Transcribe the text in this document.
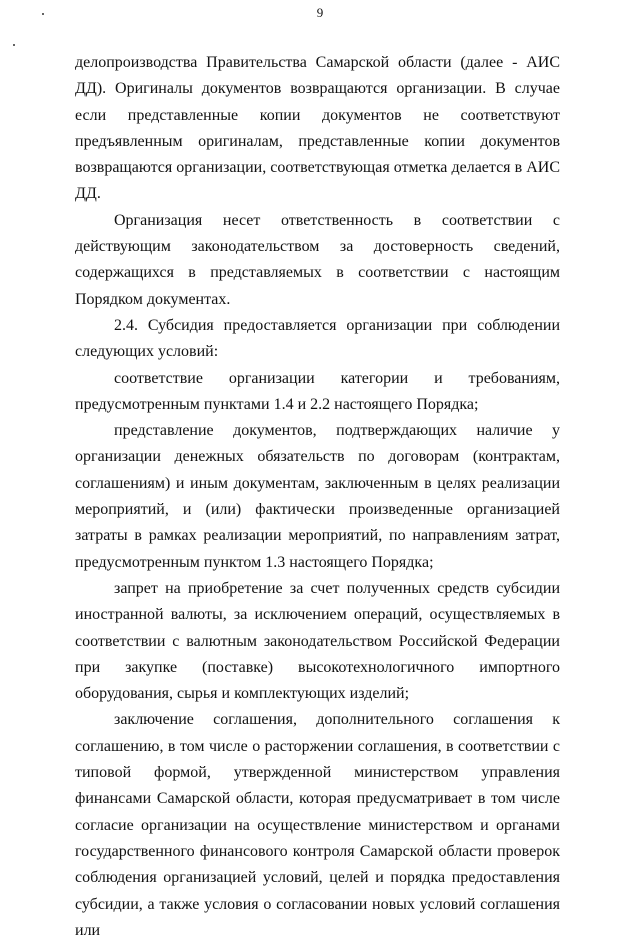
9

делопроизводства Правительства Самарской области (далее - АИС ДД). Оригиналы документов возвращаются организации. В случае если представленные копии документов не соответствуют предъявленным оригиналам, представленные копии документов возвращаются организации, соответствующая отметка делается в АИС ДД.

Организация несет ответственность в соответствии с действующим законодательством за достоверность сведений, содержащихся в представляемых в соответствии с настоящим Порядком документах.

2.4. Субсидия предоставляется организации при соблюдении следующих условий:

соответствие организации категории и требованиям, предусмотренным пунктами 1.4 и 2.2 настоящего Порядка;

представление документов, подтверждающих наличие у организации денежных обязательств по договорам (контрактам, соглашениям) и иным документам, заключенным в целях реализации мероприятий, и (или) фактически произведенные организацией затраты в рамках реализации мероприятий, по направлениям затрат, предусмотренным пунктом 1.3 настоящего Порядка;

запрет на приобретение за счет полученных средств субсидии иностранной валюты, за исключением операций, осуществляемых в соответствии с валютным законодательством Российской Федерации при закупке (поставке) высокотехнологичного импортного оборудования, сырья и комплектующих изделий;

заключение соглашения, дополнительного соглашения к соглашению, в том числе о расторжении соглашения, в соответствии с типовой формой, утвержденной министерством управления финансами Самарской области, которая предусматривает в том числе согласие организации на осуществление министерством и органами государственного финансового контроля Самарской области проверок соблюдения организацией условий, целей и порядка предоставления субсидии, а также условия о согласовании новых условий соглашения или
